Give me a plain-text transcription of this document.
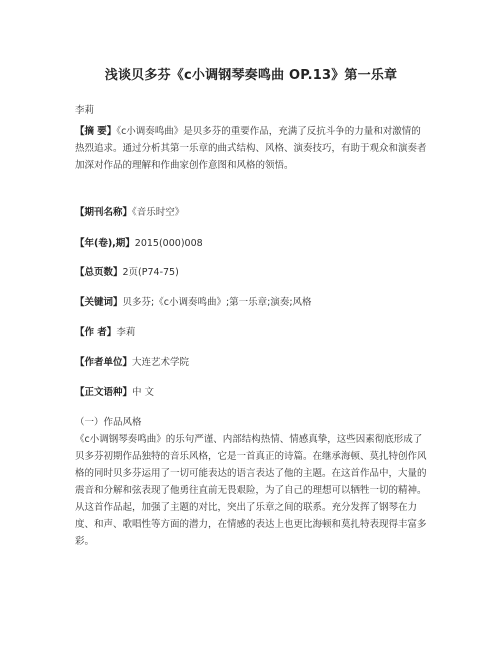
浅谈贝多芬《c小调钢琴奏鸣曲 OP.13》第一乐章
李莉
【摘 要】《c小调奏鸣曲》是贝多芬的重要作品，充满了反抗斗争的力量和对激情的热烈追求。通过分析其第一乐章的曲式结构、风格、演奏技巧，有助于观众和演奏者加深对作品的理解和作曲家创作意图和风格的领悟。
【期刊名称】《音乐时空》
【年(卷),期】2015(000)008
【总页数】2页(P74-75)
【关键词】贝多芬;《c小调奏鸣曲》;第一乐章;演奏;风格
【作 者】李莉
【作者单位】大连艺术学院
【正文语种】中 文
（一）作品风格
《c小调钢琴奏鸣曲》的乐句严谨、内部结构热情、情感真挚，这些因素彻底形成了贝多芬初期作品独特的音乐风格，它是一首真正的诗篇。在继承海顿、莫扎特创作风格的同时贝多芬运用了一切可能表达的语言表达了他的主题。在这首作品中，大量的震音和分解和弦表现了他勇往直前无畏艰险，为了自己的理想可以牺牲一切的精神。从这首作品起，加强了主题的对比，突出了乐章之间的联系。充分发挥了钢琴在力度、和声、歌唱性等方面的潜力，在情感的表达上也更比海顿和莫扎特表现得丰富多彩。
